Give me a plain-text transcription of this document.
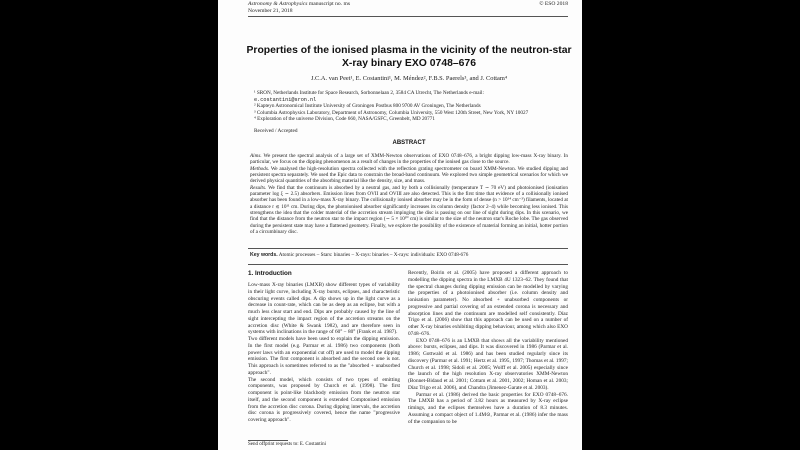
Astronomy & Astrophysics manuscript no. ms
November 21, 2018
© ESO 2018
Properties of the ionised plasma in the vicinity of the neutron-star
X-ray binary EXO 0748–676
J.C.A. van Peet¹, E. Costantini¹, M. Méndez², F.B.S. Paerels³, and J. Cottam⁴
¹ SRON, Netherlands Institute for Space Research, Sorbonnelaan 2, 3584 CA Utrecht, The Netherlands e-mail:
e.costantini@sron.nl
² Kapteyn Astronomical Institute University of Groningen Postbus 800 9700 AV Groningen, The Netherlands
³ Columbia Astrophysics Laboratory, Department of Astronomy, Columbia University, 550 West 120th Street, New York, NY 10027
⁴ Exploration of the universe Division, Code 660, NASA/GSFC, Greenbelt, MD 20771
Received / Accepted
ABSTRACT

Aims. We present the spectral analysis of a large set of XMM-Newton observations of EXO 0748–676, a bright dipping low-mass X-ray binary. In particular, we focus on the dipping phenomenon as a result of changes in the properties of the ionised gas close to the source.

Methods. We analysed the high-resolution spectra collected with the reflection grating spectrometer on board XMM-Newton. We studied dipping and persistent spectra separately. We used the Epic data to constrain the broad-band continuum. We explored two simple geometrical scenarios for which we derived physical quantities of the absorbing material like the density, size, and mass.

Results. We find that the continuum is absorbed by a neutral gas, and by both a collisionally (temperature T ∼ 70 eV) and photoionised (ionisation parameter log ξ ∼ 2.5) absorbers. Emission lines from OVII and OVIII are also detected. This is the first time that evidence of a collisionally ionised absorber has been found in a low-mass X-ray binary. The collisionally ionised absorber may be in the form of dense (n > 10¹⁴ cm⁻³) filaments, located at a distance r ≲ 10¹¹ cm. During dips, the photoionised absorber significantly increases its column density (factor 2–4) while becoming less ionised. This strengthens the idea that the colder material of the accretion stream impinging the disc is passing on our line of sight during dips. In this scenario, we find that the distance from the neutron star to the impact region (∼ 5 × 10¹⁰ cm) is similar to the size of the neutron star's Roche lobe. The gas observed during the persistent state may have a flattened geometry. Finally, we explore the possibility of the existence of material forming an initial, hotter portion of a circumbinary disc.

Key words. Atomic processes – Stars: binaries – X-rays: binaries – X-rays: individuals: EXO 0748-676
1. Introduction

Low-mass X-ray binaries (LMXB) show different types of variability in their light curve, including X-ray bursts, eclipses, and characteristic obscuring events called dips. A dip shows up in the light curve as a decrease in count-rate, which can be as deep as an eclipse, but with a much less clear start and end. Dips are probably caused by the line of sight intercepting the impact region of the accretion streams on the accretion disc (White & Swank 1982), and are therefore seen in systems with inclinations in the range of 60° − 80° (Frank et al. 1987).

Two different models have been used to explain the dipping emission. In the first model (e.g. Parmar et al. 1986) two components (both power laws with an exponential cut off) are used to model the dipping emission. The first component is absorbed and the second one is not. This approach is sometimes referred to as the "absorbed + unabsorbed approach".

The second model, which consists of two types of emitting components, was proposed by Church et al. (1998). The first component is point-like blackbody emission from the neutron star itself, and the second component is extended Comptonised emission from the accretion disc corona. During dipping intervals, the accretion disc corona is progressively covered, hence the name "progressive covering approach".

Recently, Boirin et al. (2005) have proposed a different approach to modelling the dipping spectra in the LMXB 4U 1323–62. They found that the spectral changes during dipping emission can be modelled by varying the properties of a photoionised absorber (i.e. column density and ionisation parameter). No absorbed + unabsorbed components or progressive and partial covering of an extended corona is necessary and absorption lines and the continuum are modelled self consistently. Díaz Trigo et al. (2006) show that this approach can be used on a number of other X-ray binaries exhibiting dipping behaviour, among which also EXO 0748–676.

EXO 0748–676 is an LMXB that shows all the variability mentioned above: bursts, eclipses, and dips. It was discovered in 1986 (Parmar et al. 1986; Gottwald et al. 1986) and has been studied regularly since its discovery (Parmar et al. 1991; Hertz et al. 1995, 1997; Thomas et al. 1997; Church et al. 1998; Sidoli et al. 2005; Wolff et al. 2005) especially since the launch of the high resolution X-ray observatories XMM-Newton (Bonnet-Bidaud et al. 2001; Cottam et al. 2001, 2002; Homan et al. 2003; Díaz Trigo et al. 2006), and Chandra (Jimenez-Garate et al. 2003).

Parmar et al. (1986) derived the basic properties for EXO 0748–676. The LMXB has a period of 3.82 hours as measured by X-ray eclipse timings, and the eclipses themselves have a duration of 8.3 minutes. Assuming a compact object of 1.4M⊙, Parmar et al. (1986) infer the mass of the companion to be

Send offprint requests to: E. Costantini
